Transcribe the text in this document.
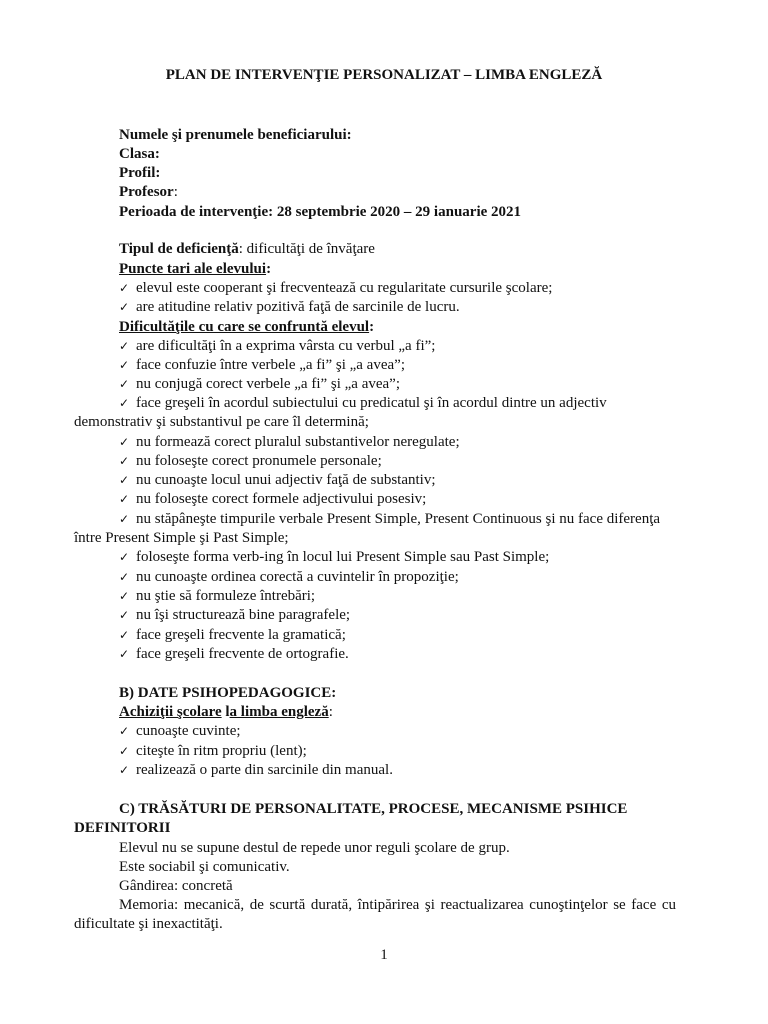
PLAN DE INTERVENŢIE PERSONALIZAT – LIMBA ENGLEZĂ
Numele şi prenumele beneficiarului:
Clasa:
Profil:
Profesor:
Perioada de intervenţie: 28 septembrie 2020 – 29 ianuarie 2021
Tipul de deficienţă: dificultăţi de învăţare
Puncte tari ale elevului:
✓ elevul este cooperant şi frecventează cu regularitate cursurile şcolare;
✓ are atitudine relativ pozitivă faţă de sarcinile de lucru.
Dificultăţile cu care se confruntă elevul:
✓ are dificultăţi în a exprima vârsta cu verbul „a fi”;
✓ face confuzie între verbele „a fi” şi „a avea”;
✓ nu conjugă corect verbele „a fi” şi „a avea”;
✓ face greşeli în acordul subiectului cu predicatul şi în acordul dintre un adjectiv
demonstrativ şi substantivul pe care îl determină;
✓ nu formează corect pluralul substantivelor neregulate;
✓ nu foloseşte corect pronumele personale;
✓ nu cunoaşte locul unui adjectiv faţă de substantiv;
✓ nu foloseşte corect formele adjectivului posesiv;
✓ nu stăpâneşte timpurile verbale Present Simple, Present Continuous şi nu face diferenţa
între Present Simple şi Past Simple;
✓ foloseşte forma verb-ing în locul lui Present Simple sau Past Simple;
✓ nu cunoaşte ordinea corectă a cuvintelir în propoziţie;
✓ nu ştie să formuleze întrebări;
✓ nu îşi structurează bine paragrafele;
✓ face greşeli frecvente la gramatică;
✓ face greşeli frecvente de ortografie.
B) DATE PSIHOPEDAGOGICE:
Achiziţii şcolare la limba engleză:
✓ cunoaşte cuvinte;
✓ citeşte în ritm propriu (lent);
✓ realizează o parte din sarcinile din manual.
C) TRĂSĂTURI DE PERSONALITATE, PROCESE, MECANISME PSIHICE
DEFINITORII
Elevul nu se supune destul de repede unor reguli şcolare de grup.
Este sociabil şi comunicativ.
Gândirea: concretă
Memoria: mecanică, de scurtă durată, întipărirea şi reactualizarea cunoştinţelor se face cu dificultate şi inexactităţi.
1
